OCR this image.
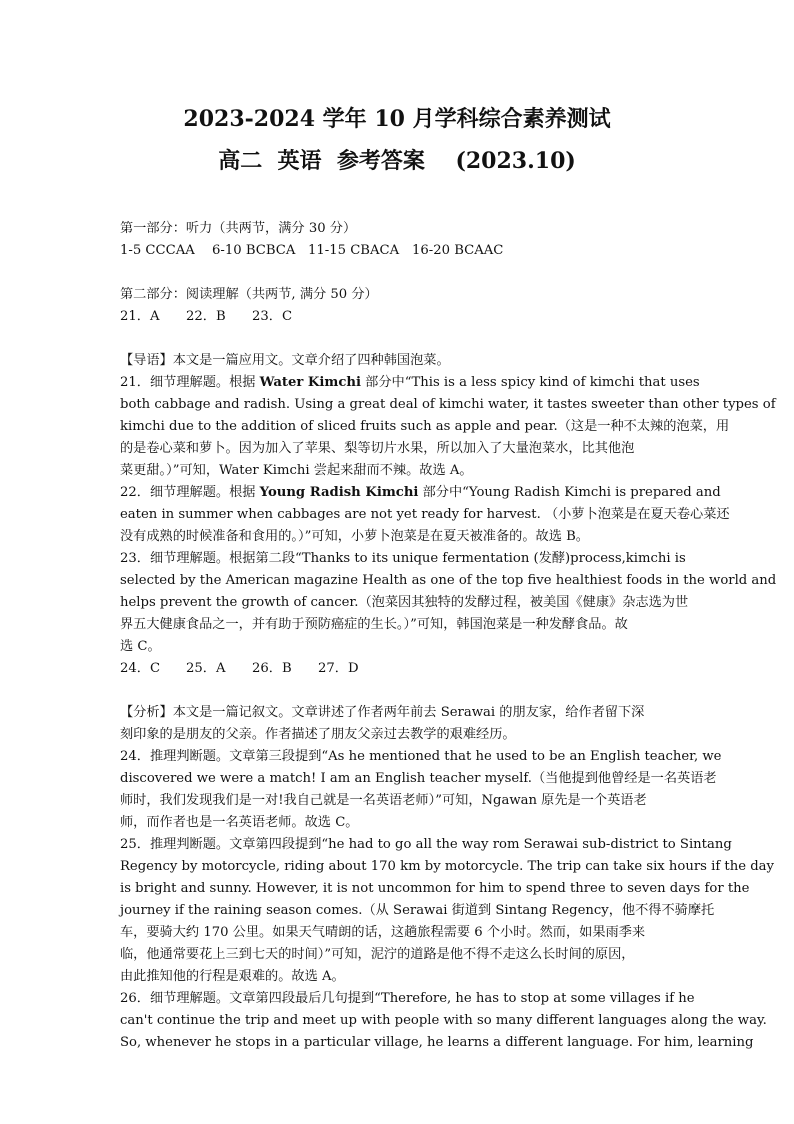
2023-2024 学年 10 月学科综合素养测试
高二  英语  参考答案    (2023.10)
第一部分：听力（共两节，满分 30 分）
1-5 CCCAA 6-10 BCBCA 11-15 CBACA 16-20 BCAAC
第二部分：阅读理解（共两节, 满分 50 分）
21．A 22．B 23．C
【导语】本文是一篇应用文。文章介绍了四种韩国泡菜。
21．细节理解题。根据 Water Kimchi 部分中“This is a less spicy kind of kimchi that uses
both cabbage and radish. Using a great deal of kimchi water, it tastes sweeter than other types of
kimchi due to the addition of sliced fruits such as apple and pear.（这是一种不太辣的泡菜，用
的是卷心菜和萝卜。因为加入了苹果、梨等切片水果，所以加入了大量泡菜水，比其他泡
菜更甜。）”可知，Water Kimchi 尝起来甜而不辣。故选 A。
22．细节理解题。根据 Young Radish Kimchi 部分中“Young Radish Kimchi is prepared and
eaten in summer when cabbages are not yet ready for harvest. （小萝卜泡菜是在夏天卷心菜还
没有成熟的时候准备和食用的。）”可知，小萝卜泡菜是在夏天被准备的。故选 B。
23．细节理解题。根据第二段“Thanks to its unique fermentation (发酵)process,kimchi is
selected by the American magazine Health as one of the top five healthiest foods in the world and
helps prevent the growth of cancer.（泡菜因其独特的发酵过程，被美国《健康》杂志选为世
界五大健康食品之一，并有助于预防癌症的生长。）”可知，韩国泡菜是一种发酵食品。故
选 C。
24．C 25．A 26．B 27．D
【分析】本文是一篇记叙文。文章讲述了作者两年前去 Serawai 的朋友家，给作者留下深
刻印象的是朋友的父亲。作者描述了朋友父亲过去教学的艰难经历。
24．推理判断题。文章第三段提到“As he mentioned that he used to be an English teacher, we
discovered we were a match! I am an English teacher myself.（当他提到他曾经是一名英语老
师时，我们发现我们是一对!我自己就是一名英语老师）”可知，Ngawan 原先是一个英语老
师，而作者也是一名英语老师。故选 C。
25．推理判断题。文章第四段提到“he had to go all the way rom Serawai sub-district to Sintang
Regency by motorcycle, riding about 170 km by motorcycle. The trip can take six hours if the day
is bright and sunny. However, it is not uncommon for him to spend three to seven days for the
journey if the raining season comes.（从 Serawai 街道到 Sintang Regency，他不得不骑摩托
车，要骑大约 170 公里。如果天气晴朗的话，这趟旅程需要 6 个小时。然而，如果雨季来
临，他通常要花上三到七天的时间）”可知，泥泞的道路是他不得不走这么长时间的原因，
由此推知他的行程是艰难的。故选 A。
26．细节理解题。文章第四段最后几句提到“Therefore, he has to stop at some villages if he
can't continue the trip and meet up with people with so many different languages along the way.
So, whenever he stops in a particular village, he learns a different language. For him, learning
